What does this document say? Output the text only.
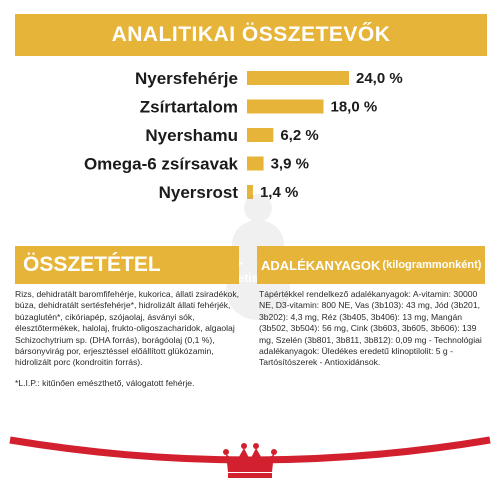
ANALITIKAI ÖSSZETEVŐK
Nyersfehérje	24,0 %
Zsírtartalom	18,0 %
Nyershamu	6,2 %
Omega-6 zsírsavak 3,9 %
Nyersrost 1,4 %
ÖSSZETÉTEL	ADALÉKANYAGOK (kilogrammonként)
Rizs, dehidratált baromfifehérje, kukorica, állati zsiradékok, búza, dehidratált sertésfehérje*, hidrolizált állati fehérjék, búzaglutén*, cikóriapép, szójaolaj, ásványi sók, élesztőtermékek, halolaj, frukto-oligoszacharidok, algaolaj Schizochytrium sp. (DHA forrás), borágóolaj (0,1 %), bársonyvirág por, erjesztéssel előállított glükózamin, hidrolizált porc (kondroitin forrás).
*L.I.P.: kitűnően emészthető, válogatott fehérje.
Tápértékkel rendelkező adalékanyagok: A-vitamin: 30000 NE, D3-vitamin: 800 NE, Vas (3b103): 43 mg, Jód (3b201, 3b202): 4,3 mg, Réz (3b405, 3b406): 13 mg, Mangán (3b502, 3b504): 56 mg, Cink (3b603, 3b605, 3b606): 139 mg, Szelén (3b801, 3b811, 3b812): 0,09 mg - Technológiai adalékanyagok: Üledékes eredetű klinoptilolit: 5 g - Tartósítószerek - Antioxidánsok.
